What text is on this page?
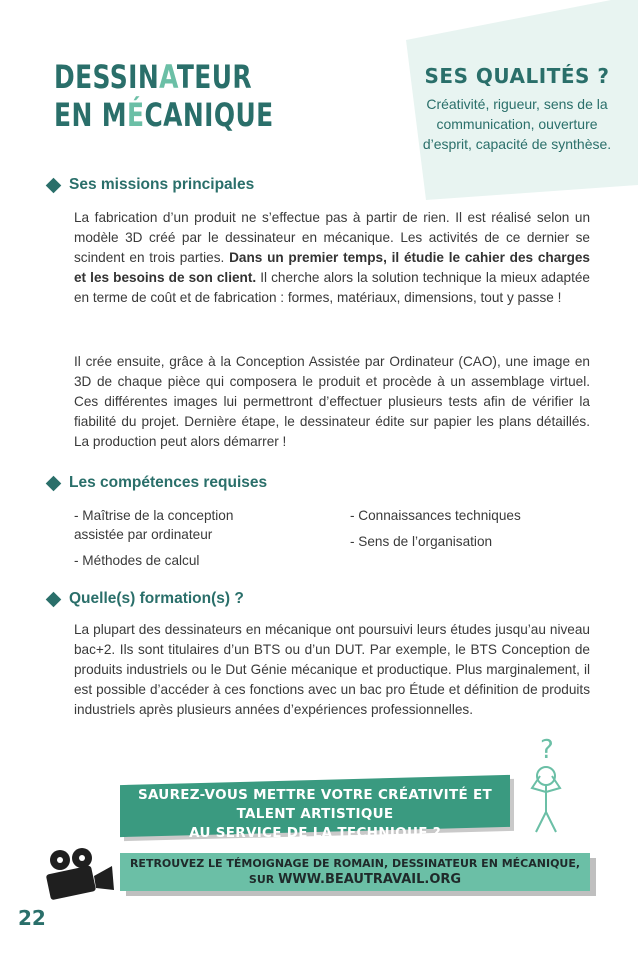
DESSINATEUR
EN MÉCANIQUE
SES QUALITÉS ?
Créativité, rigueur, sens de la communication, ouverture d’esprit, capacité de synthèse.
Ses missions principales
La fabrication d’un produit ne s’effectue pas à partir de rien. Il est réalisé selon un modèle 3D créé par le dessinateur en mécanique. Les activités de ce dernier se scindent en trois parties. Dans un premier temps, il étudie le cahier des charges et les besoins de son client. Il cherche alors la solution technique la mieux adaptée en terme de coût et de fabrication : formes, matériaux, dimensions, tout y passe !
Il crée ensuite, grâce à la Conception Assistée par Ordinateur (CAO), une image en 3D de chaque pièce qui composera le produit et procède à un assemblage virtuel. Ces différentes images lui permettront d’effectuer plusieurs tests afin de vérifier la fiabilité du projet. Dernière étape, le dessinateur édite sur papier les plans détaillés. La production peut alors démarrer !
Les compétences requises
- Maîtrise de la conception assistée par ordinateur
- Méthodes de calcul
- Connaissances techniques
- Sens de l’organisation
Quelle(s) formation(s) ?
La plupart des dessinateurs en mécanique ont poursuivi leurs études jusqu’au niveau bac+2. Ils sont titulaires d’un BTS ou d’un DUT. Par exemple, le BTS Conception de produits industriels ou le Dut Génie mécanique et productique. Plus marginalement, il est possible d’accéder à ces fonctions avec un bac pro Étude et définition de produits industriels après plusieurs années d’expériences professionnelles.
?
SAUREZ-VOUS METTRE VOTRE CRÉATIVITÉ ET TALENT ARTISTIQUE
AU SERVICE DE LA TECHNIQUE ?
RETROUVEZ LE TÉMOIGNAGE DE ROMAIN, DESSINATEUR EN MÉCANIQUE,
SUR WWW.BEAUTRAVAIL.ORG
22
